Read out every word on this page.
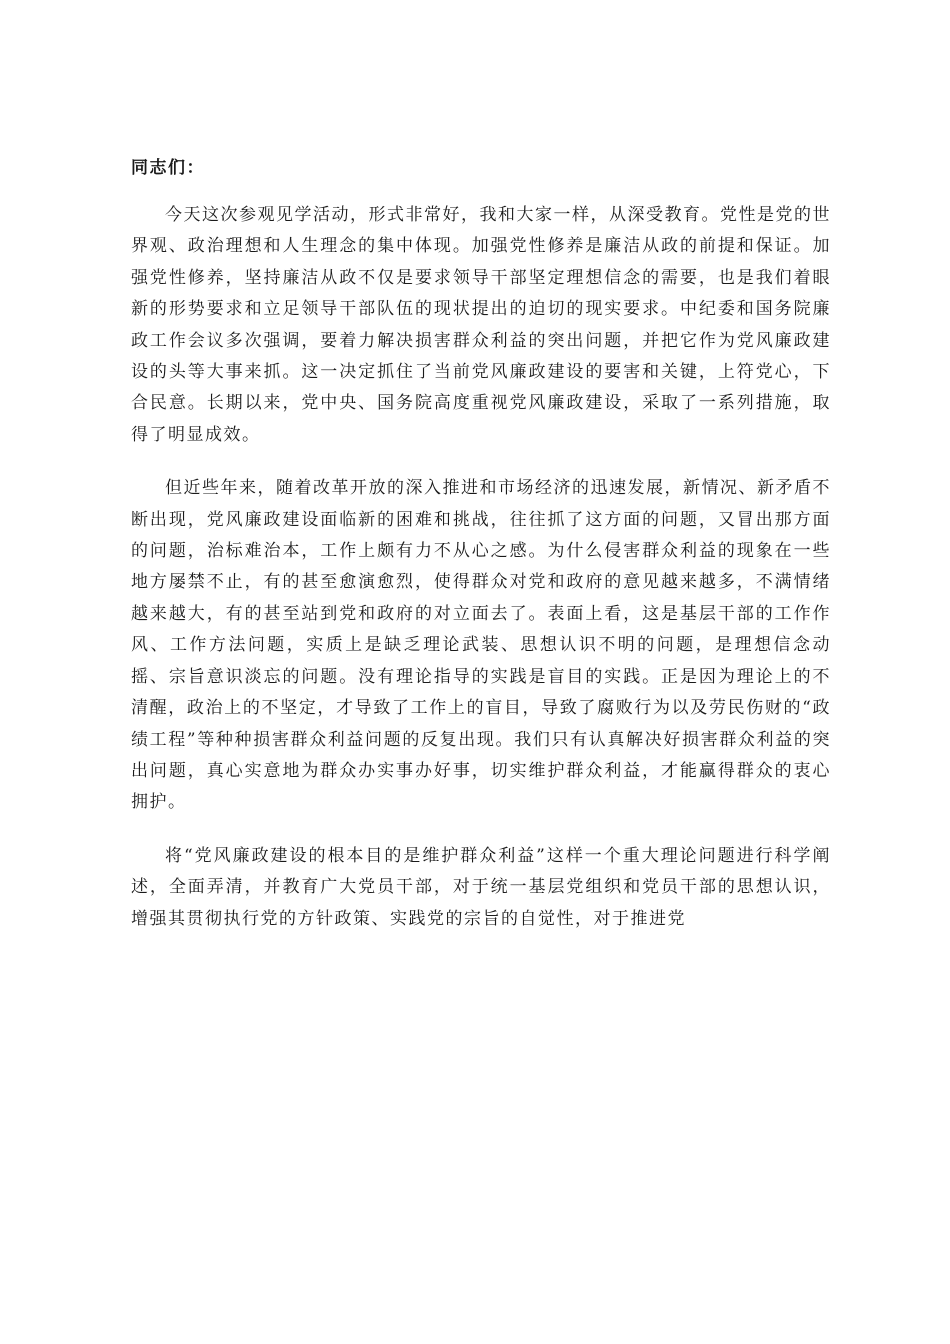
同志们：

今天这次参观见学活动，形式非常好，我和大家一样，从深受教育。党性是党的世界观、政治理想和人生理念的集中体现。加强党性修养是廉洁从政的前提和保证。加强党性修养，坚持廉洁从政不仅是要求领导干部坚定理想信念的需要，也是我们着眼新的形势要求和立足领导干部队伍的现状提出的迫切的现实要求。中纪委和国务院廉政工作会议多次强调，要着力解决损害群众利益的突出问题，并把它作为党风廉政建设的头等大事来抓。这一决定抓住了当前党风廉政建设的要害和关键，上符党心，下合民意。长期以来，党中央、国务院高度重视党风廉政建设，采取了一系列措施，取得了明显成效。

但近些年来，随着改革开放的深入推进和市场经济的迅速发展，新情况、新矛盾不断出现，党风廉政建设面临新的困难和挑战，往往抓了这方面的问题，又冒出那方面的问题，治标难治本，工作上颇有力不从心之感。为什么侵害群众利益的现象在一些地方屡禁不止，有的甚至愈演愈烈，使得群众对党和政府的意见越来越多，不满情绪越来越大，有的甚至站到党和政府的对立面去了。表面上看，这是基层干部的工作作风、工作方法问题，实质上是缺乏理论武装、思想认识不明的问题，是理想信念动摇、宗旨意识淡忘的问题。没有理论指导的实践是盲目的实践。正是因为理论上的不清醒，政治上的不坚定，才导致了工作上的盲目，导致了腐败行为以及劳民伤财的“政绩工程”等种种损害群众利益问题的反复出现。我们只有认真解决好损害群众利益的突出问题，真心实意地为群众办实事办好事，切实维护群众利益，才能赢得群众的衷心拥护。

将“党风廉政建设的根本目的是维护群众利益”这样一个重大理论问题进行科学阐述，全面弄清，并教育广大党员干部，对于统一基层党组织和党员干部的思想认识，增强其贯彻执行党的方针政策、实践党的宗旨的自觉性，对于推进党
